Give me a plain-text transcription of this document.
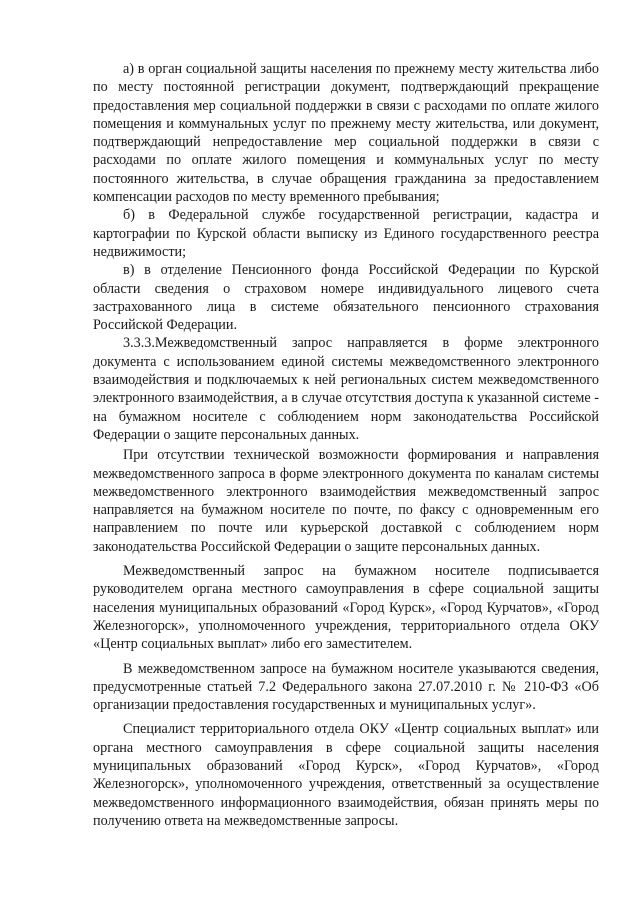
а) в орган социальной защиты населения по прежнему месту жительства либо по месту постоянной регистрации документ, подтверждающий прекращение предоставления мер социальной поддержки в связи с расходами по оплате жилого помещения и коммунальных услуг по прежнему месту жительства, или документ, подтверждающий непредоставление мер социальной поддержки в связи с расходами по оплате жилого помещения и коммунальных услуг по месту постоянного жительства, в случае обращения гражданина за предоставлением компенсации расходов по месту временного пребывания;

б) в Федеральной службе государственной регистрации, кадастра и картографии по Курской области выписку из Единого государственного реестра недвижимости;

в) в отделение Пенсионного фонда Российской Федерации по Курской области сведения о страховом номере индивидуального лицевого счета застрахованного лица в системе обязательного пенсионного страхования Российской Федерации.

3.3.3.Межведомственный запрос направляется в форме электронного документа с использованием единой системы межведомственного электронного взаимодействия и подключаемых к ней региональных систем межведомственного электронного взаимодействия, а в случае отсутствия доступа к указанной системе - на бумажном носителе с соблюдением норм законодательства Российской Федерации о защите персональных данных.

При отсутствии технической возможности формирования и направления межведомственного запроса в форме электронного документа по каналам системы межведомственного электронного взаимодействия межведомственный запрос направляется на бумажном носителе по почте, по факсу с одновременным его направлением по почте или курьерской доставкой с соблюдением норм законодательства Российской Федерации о защите персональных данных.

Межведомственный запрос на бумажном носителе подписывается руководителем органа местного самоуправления в сфере социальной защиты населения муниципальных образований «Город Курск», «Город Курчатов», «Город Железногорск», уполномоченного учреждения, территориального отдела ОКУ «Центр социальных выплат» либо его заместителем.

В межведомственном запросе на бумажном носителе указываются сведения, предусмотренные статьей 7.2 Федерального закона 27.07.2010 г. № 210-ФЗ «Об организации предоставления государственных и муниципальных услуг».

Специалист территориального отдела ОКУ «Центр социальных выплат» или органа местного самоуправления в сфере социальной защиты населения муниципальных образований «Город Курск», «Город Курчатов», «Город Железногорск», уполномоченного учреждения, ответственный за осуществление межведомственного информационного взаимодействия, обязан принять меры по получению ответа на межведомственные запросы.
